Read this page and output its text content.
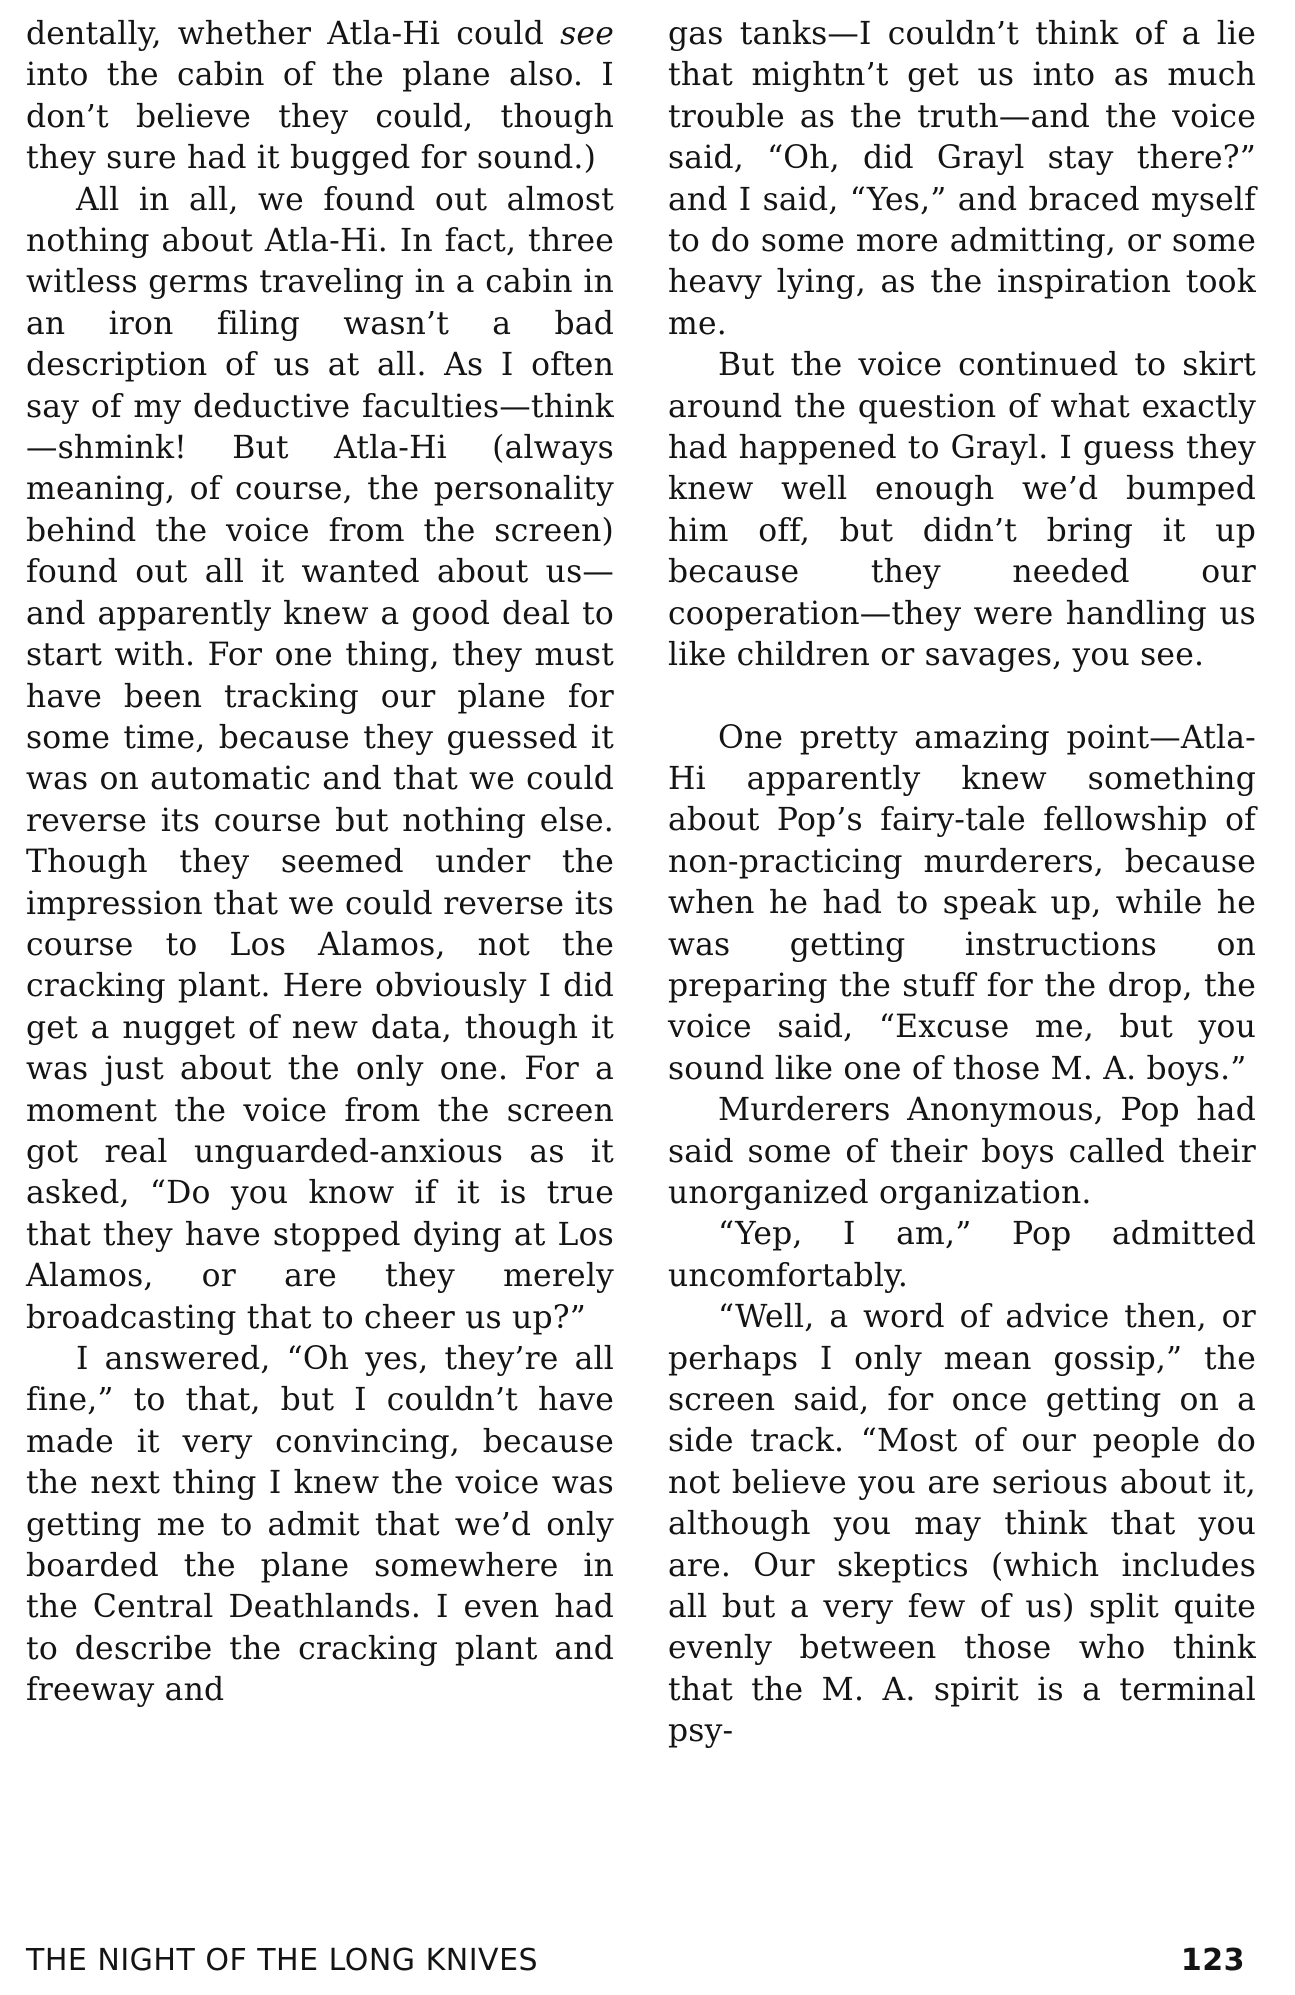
dentally, whether Atla-Hi could see into the cabin of the plane also. I don’t believe they could, though they sure had it bugged for sound.)

All in all, we found out almost nothing about Atla-Hi. In fact, three witless germs traveling in a cabin in an iron filing wasn’t a bad description of us at all. As I often say of my deductive faculties—think—shmink! But Atla-Hi (always meaning, of course, the personality behind the voice from the screen) found out all it wanted about us—and apparently knew a good deal to start with. For one thing, they must have been tracking our plane for some time, because they guessed it was on automatic and that we could reverse its course but nothing else. Though they seemed under the impression that we could reverse its course to Los Alamos, not the cracking plant. Here obviously I did get a nugget of new data, though it was just about the only one. For a moment the voice from the screen got real unguarded-anxious as it asked, “Do you know if it is true that they have stopped dying at Los Alamos, or are they merely broadcasting that to cheer us up?”

I answered, “Oh yes, they’re all fine,” to that, but I couldn’t have made it very convincing, because the next thing I knew the voice was getting me to admit that we’d only boarded the plane somewhere in the Central Deathlands. I even had to describe the cracking plant and freeway and

gas tanks—I couldn’t think of a lie that mightn’t get us into as much trouble as the truth—and the voice said, “Oh, did Grayl stay there?” and I said, “Yes,” and braced myself to do some more admitting, or some heavy lying, as the inspiration took me.

But the voice continued to skirt around the question of what exactly had happened to Grayl. I guess they knew well enough we’d bumped him off, but didn’t bring it up because they needed our cooperation—they were handling us like children or savages, you see.

One pretty amazing point—Atla-Hi apparently knew something about Pop’s fairy-tale fellowship of non-practicing murderers, because when he had to speak up, while he was getting instructions on preparing the stuff for the drop, the voice said, “Excuse me, but you sound like one of those M. A. boys.”

Murderers Anonymous, Pop had said some of their boys called their unorganized organization.

“Yep, I am,” Pop admitted uncomfortably.

“Well, a word of advice then, or perhaps I only mean gossip,” the screen said, for once getting on a side track. “Most of our people do not believe you are serious about it, although you may think that you are. Our skeptics (which includes all but a very few of us) split quite evenly between those who think that the M. A. spirit is a terminal psy-

THE NIGHT OF THE LONG KNIVES	123
